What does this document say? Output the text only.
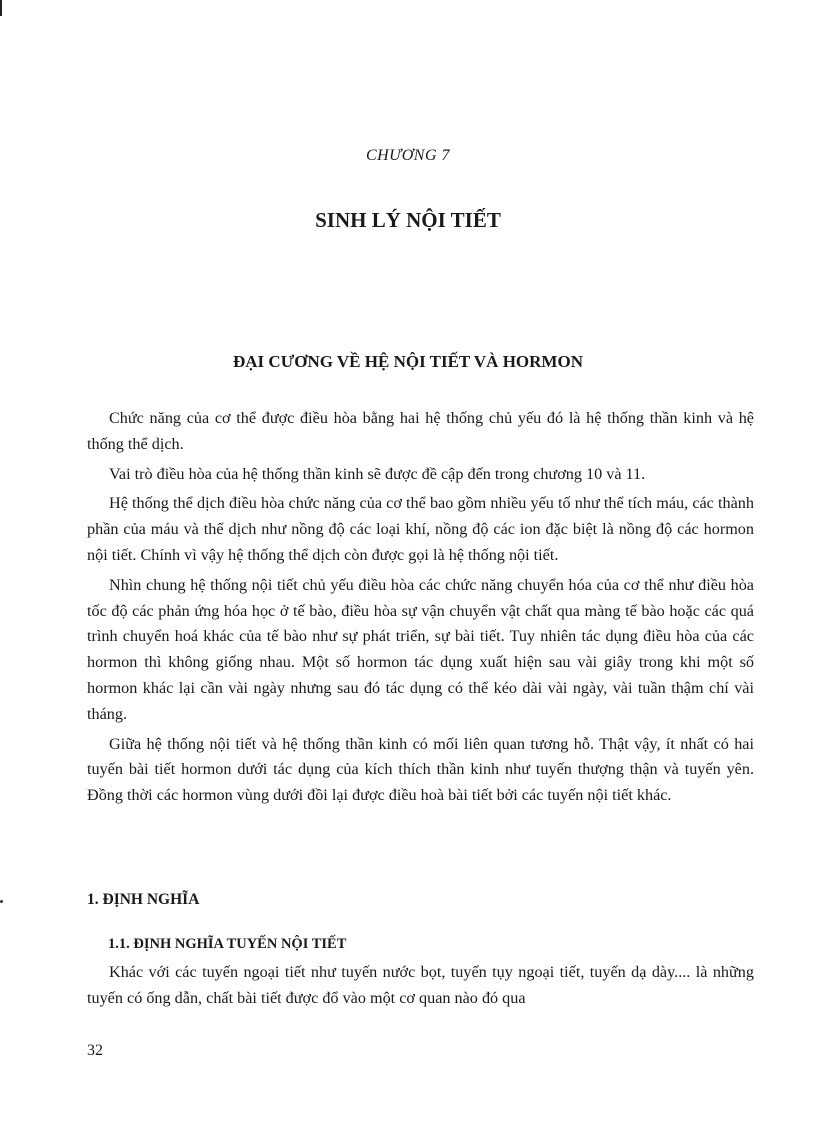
CHƯƠNG 7
SINH LÝ NỘI TIẾT
ĐẠI CƯƠNG VỀ HỆ NỘI TIẾT VÀ HORMON

Chức năng của cơ thể được điều hòa bằng hai hệ thống chủ yếu đó là hệ thống thần kinh và hệ thống thể dịch.

Vai trò điều hòa của hệ thống thần kinh sẽ được đề cập đến trong chương 10 và 11.

Hệ thống thể dịch điều hòa chức năng của cơ thể bao gồm nhiều yếu tố như thể tích máu, các thành phần của máu và thể dịch như nồng độ các loại khí, nồng độ các ion đặc biệt là nồng độ các hormon nội tiết. Chính vì vậy hệ thống thể dịch còn được gọi là hệ thống nội tiết.

Nhìn chung hệ thống nội tiết chủ yếu điều hòa các chức năng chuyển hóa của cơ thể như điều hòa tốc độ các phản ứng hóa học ở tế bào, điều hòa sự vận chuyển vật chất qua màng tế bào hoặc các quá trình chuyển hoá khác của tế bào như sự phát triển, sự bài tiết. Tuy nhiên tác dụng điều hòa của các hormon thì không giống nhau. Một số hormon tác dụng xuất hiện sau vài giây trong khi một số hormon khác lại cần vài ngày nhưng sau đó tác dụng có thể kéo dài vài ngày, vài tuần thậm chí vài tháng.

Giữa hệ thống nội tiết và hệ thống thần kinh có mối liên quan tương hỗ. Thật vậy, ít nhất có hai tuyến bài tiết hormon dưới tác dụng của kích thích thần kinh như tuyến thượng thận và tuyến yên. Đồng thời các hormon vùng dưới đồi lại được điều hoà bài tiết bởi các tuyến nội tiết khác.

1. ĐỊNH NGHĨA
1.1. ĐỊNH NGHĨA TUYẾN NỘI TIẾT

Khác với các tuyến ngoại tiết như tuyến nước bọt, tuyến tụy ngoại tiết, tuyến dạ dày.... là những tuyến có ống dẫn, chất bài tiết được đổ vào một cơ quan nào đó qua

32
